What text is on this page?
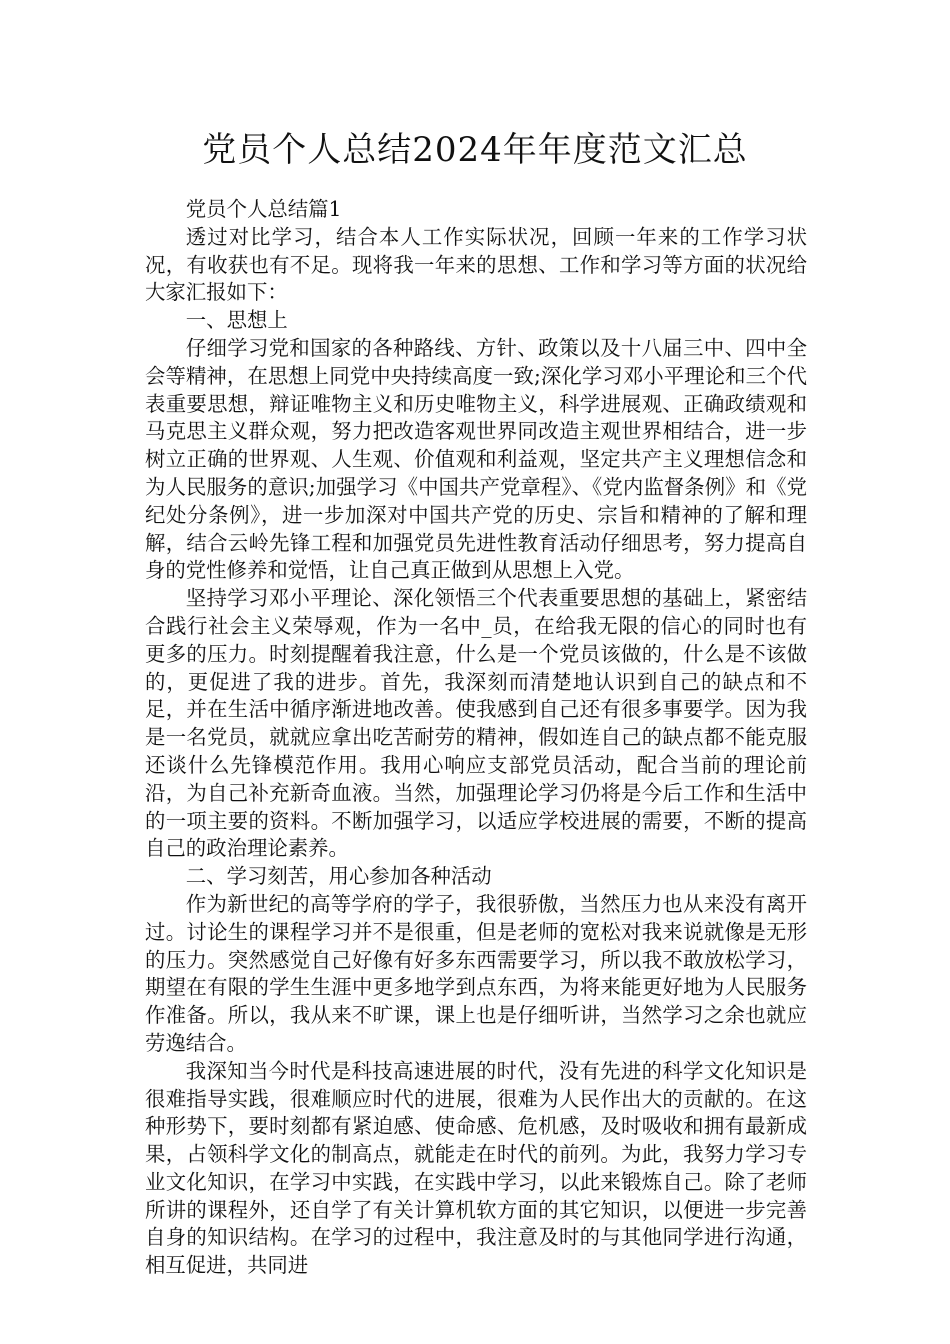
党员个人总结2024年年度范文汇总

党员个人总结篇1

透过对比学习，结合本人工作实际状况，回顾一年来的工作学习状况，有收获也有不足。现将我一年来的思想、工作和学习等方面的状况给大家汇报如下：

一、思想上

仔细学习党和国家的各种路线、方针、政策以及十八届三中、四中全会等精神，在思想上同党中央持续高度一致;深化学习邓小平理论和三个代表重要思想，辩证唯物主义和历史唯物主义，科学进展观、正确政绩观和马克思主义群众观，努力把改造客观世界同改造主观世界相结合，进一步树立正确的世界观、人生观、价值观和利益观，坚定共产主义理想信念和为人民服务的意识;加强学习《中国共产党章程》、《党内监督条例》和《党纪处分条例》，进一步加深对中国共产党的历史、宗旨和精神的了解和理解，结合云岭先锋工程和加强党员先进性教育活动仔细思考，努力提高自身的党性修养和觉悟，让自己真正做到从思想上入党。

坚持学习邓小平理论、深化领悟三个代表重要思想的基础上，紧密结合践行社会主义荣辱观，作为一名中_员，在给我无限的信心的同时也有更多的压力。时刻提醒着我注意，什么是一个党员该做的，什么是不该做的，更促进了我的进步。首先，我深刻而清楚地认识到自己的缺点和不足，并在生活中循序渐进地改善。使我感到自己还有很多事要学。因为我是一名党员，就就应拿出吃苦耐劳的精神，假如连自己的缺点都不能克服还谈什么先锋模范作用。我用心响应支部党员活动，配合当前的理论前沿，为自己补充新奇血液。当然，加强理论学习仍将是今后工作和生活中的一项主要的资料。不断加强学习，以适应学校进展的需要，不断的提高自己的政治理论素养。

二、学习刻苦，用心参加各种活动

作为新世纪的高等学府的学子，我很骄傲，当然压力也从来没有离开过。讨论生的课程学习并不是很重，但是老师的宽松对我来说就像是无形的压力。突然感觉自己好像有好多东西需要学习，所以我不敢放松学习，期望在有限的学生生涯中更多地学到点东西，为将来能更好地为人民服务作准备。所以，我从来不旷课，课上也是仔细听讲，当然学习之余也就应劳逸结合。

我深知当今时代是科技高速进展的时代，没有先进的科学文化知识是很难指导实践，很难顺应时代的进展，很难为人民作出大的贡献的。在这种形势下，要时刻都有紧迫感、使命感、危机感，及时吸收和拥有最新成果，占领科学文化的制高点，就能走在时代的前列。为此，我努力学习专业文化知识，在学习中实践，在实践中学习，以此来锻炼自己。除了老师所讲的课程外，还自学了有关计算机软方面的其它知识，以便进一步完善自身的知识结构。在学习的过程中，我注意及时的与其他同学进行沟通，相互促进，共同进
